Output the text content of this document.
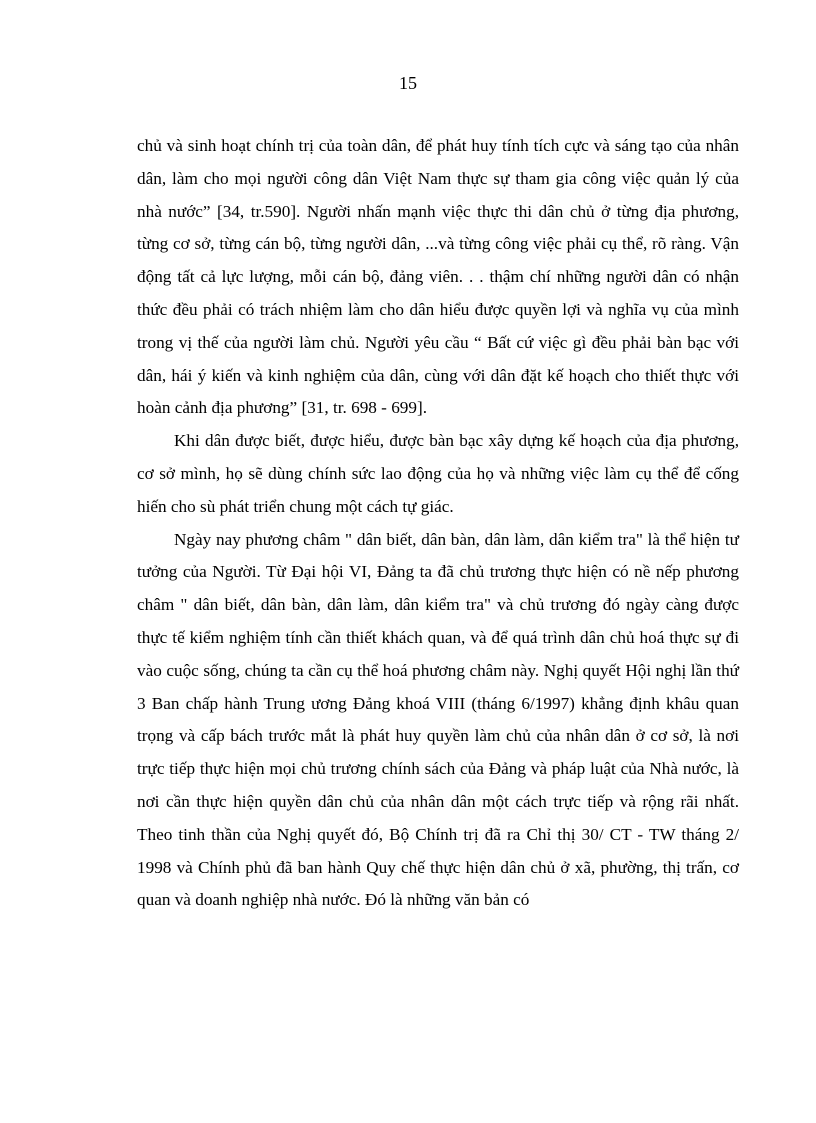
15

chủ và sinh hoạt chính trị của toàn dân, để phát huy tính tích cực và sáng tạo của nhân dân, làm cho mọi người công dân Việt Nam thực sự tham gia công việc quản lý của nhà nước” [34, tr.590]. Người nhấn mạnh việc thực thi dân chủ ở từng địa phương, từng cơ sở, từng cán bộ, từng người dân, ...và từng công việc phải cụ thể, rõ ràng. Vận động tất cả lực lượng, mỗi cán bộ, đảng viên. . . thậm chí những người dân có nhận thức đều phải có trách nhiệm làm cho dân hiểu được quyền lợi và nghĩa vụ của mình trong vị thế của người làm chủ. Người yêu cầu “ Bất cứ việc gì đều phải bàn bạc với dân, hái ý kiến và kinh nghiệm của dân, cùng với dân đặt kế hoạch cho thiết thực với hoàn cảnh địa phương” [31, tr. 698 - 699].

Khi dân được biết, được hiểu, được bàn bạc xây dựng kế hoạch của địa phương, cơ sở mình, họ sẽ dùng chính sức lao động của họ và những việc làm cụ thể để cống hiến cho sù phát triển chung một cách tự giác.

Ngày nay phương châm " dân biết, dân bàn, dân làm, dân kiểm tra" là thể hiện tư tưởng của Người. Từ Đại hội VI, Đảng ta đã chủ trương thực hiện có nề nếp phương châm " dân biết, dân bàn, dân làm, dân kiểm tra" và chủ trương đó ngày càng được thực tế kiểm nghiệm tính cần thiết khách quan, và để quá trình dân chủ hoá thực sự đi vào cuộc sống, chúng ta cần cụ thể hoá phương châm này. Nghị quyết Hội nghị lần thứ 3 Ban chấp hành Trung ương Đảng khoá VIII (tháng 6/1997) khẳng định khâu quan trọng và cấp bách trước mắt là phát huy quyền làm chủ của nhân dân ở cơ sở, là nơi trực tiếp thực hiện mọi chủ trương chính sách của Đảng và pháp luật của Nhà nước, là nơi cần thực hiện quyền dân chủ của nhân dân một cách trực tiếp và rộng rãi nhất. Theo tinh thần của Nghị quyết đó, Bộ Chính trị đã ra Chỉ thị 30/ CT - TW tháng 2/ 1998 và Chính phủ đã ban hành Quy chế thực hiện dân chủ ở xã, phường, thị trấn, cơ quan và doanh nghiệp nhà nước. Đó là những văn bản có
